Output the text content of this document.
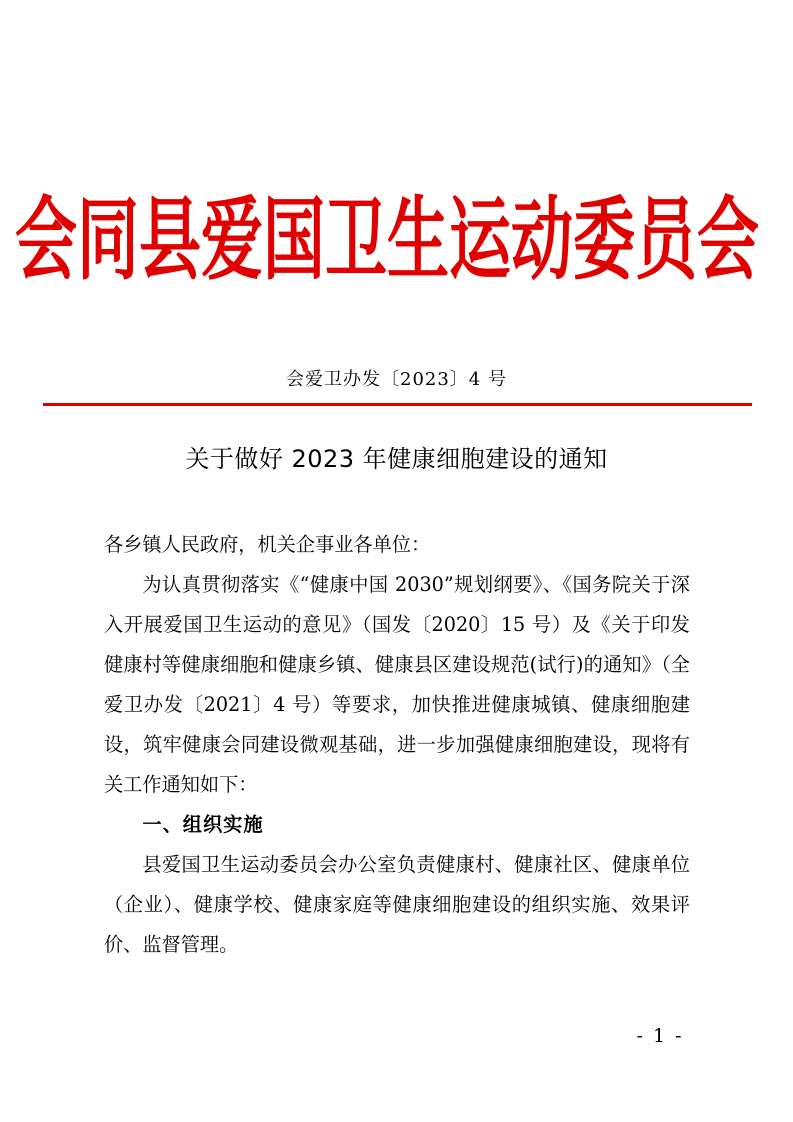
会同县爱国卫生运动委员会
会爱卫办发〔2023〕4 号
关于做好 2023 年健康细胞建设的通知

各乡镇人民政府，机关企事业各单位：

为认真贯彻落实《“健康中国 2030”规划纲要》、《国务院关于深入开展爱国卫生运动的意见》（国发〔2020〕15 号）及《关于印发健康村等健康细胞和健康乡镇、健康县区建设规范(试行)的通知》（全爱卫办发〔2021〕4 号）等要求，加快推进健康城镇、健康细胞建设，筑牢健康会同建设微观基础，进一步加强健康细胞建设，现将有关工作通知如下：

一、组织实施

县爱国卫生运动委员会办公室负责健康村、健康社区、健康单位（企业）、健康学校、健康家庭等健康细胞建设的组织实施、效果评价、监督管理。

- 1 -
